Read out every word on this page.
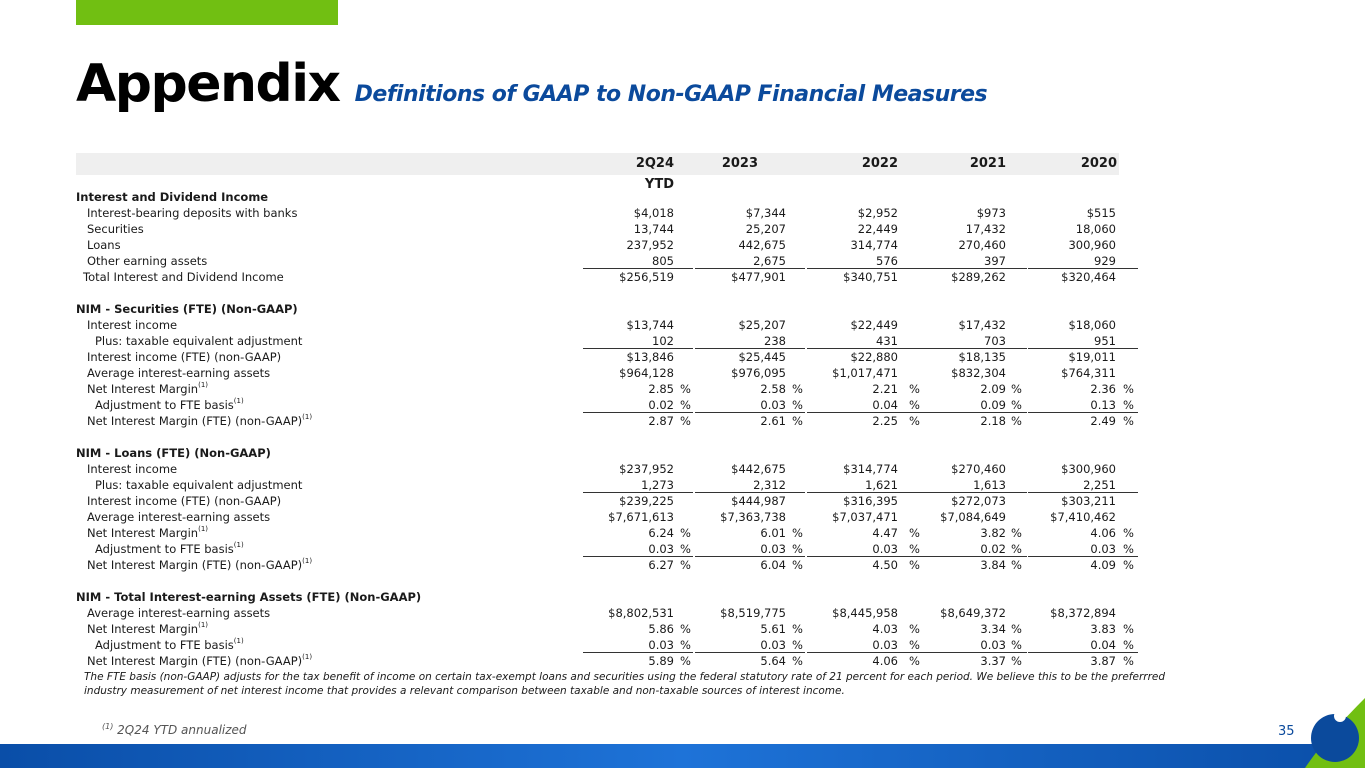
Appendix Definitions of GAAP to Non-GAAP Financial Measures
2Q24	2023	2022	2021	2020
YTD
Interest and Dividend Income
Interest-bearing deposits with banks	$4,018	$7,344	$2,952	$973	$515
Securities	13,744	25,207	22,449	17,432	18,060
Loans	237,952	442,675	314,774	270,460	300,960
Other earning assets	805	2,675	576	397	929
Total Interest and Dividend Income	$256,519	$477,901	$340,751	$289,262	$320,464
NIM - Securities (FTE) (Non-GAAP)
Interest income	$13,744	$25,207	$22,449	$17,432	$18,060
Plus: taxable equivalent adjustment	102	238	431	703	951
Interest income (FTE) (non-GAAP)	$13,846	$25,445	$22,880	$18,135	$19,011
Average interest-earning assets	$964,128	$976,095	$1,017,471	$832,304	$764,311
Net Interest Margin$^{(1)}$	2.85 %	2.58 %	2.21 %	2.09 %	2.36 %
Adjustment to FTE basis$^{(1)}$	0.02 %	0.03 %	0.04 %	0.09 %	0.13 %
Net Interest Margin (FTE) (non-GAAP)$^{(1)}$	2.87 %	2.61 %	2.25 %	2.18 %	2.49 %
NIM - Loans (FTE) (Non-GAAP)
Interest income	$237,952	$442,675	$314,774	$270,460	$300,960
Plus: taxable equivalent adjustment	1,273	2,312	1,621	1,613	2,251
Interest income (FTE) (non-GAAP)	$239,225	$444,987	$316,395	$272,073	$303,211
Average interest-earning assets	$7,671,613	$7,363,738	$7,037,471	$7,084,649	$7,410,462
Net Interest Margin$^{(1)}$	6.24 %	6.01 %	4.47 %	3.82 %	4.06 %
Adjustment to FTE basis$^{(1)}$	0.03 %	0.03 %	0.03 %	0.02 %	0.03 %
Net Interest Margin (FTE) (non-GAAP)$^{(1)}$	6.27 %	6.04 %	4.50 %	3.84 %	4.09 %
NIM - Total Interest-earning Assets (FTE) (Non-GAAP)
Average interest-earning assets	$8,802,531	$8,519,775	$8,445,958	$8,649,372	$8,372,894
Net Interest Margin$^{(1)}$	5.86 %	5.61 %	4.03 %	3.34 %	3.83 %
Adjustment to FTE basis$^{(1)}$	0.03 %	0.03 %	0.03 %	0.03 %	0.04 %
Net Interest Margin (FTE) (non-GAAP)$^{(1)}$	5.89 %	5.64 %	4.06 %	3.37 %	3.87 %
The FTE basis (non-GAAP) adjusts for the tax benefit of income on certain tax-exempt loans and securities using the federal statutory rate of 21 percent for each period. We believe this to be the preferrred industry measurement of net interest income that provides a relevant comparison between taxable and non-taxable sources of interest income.
$^{(1)}$ 2Q24 YTD annualized	35
